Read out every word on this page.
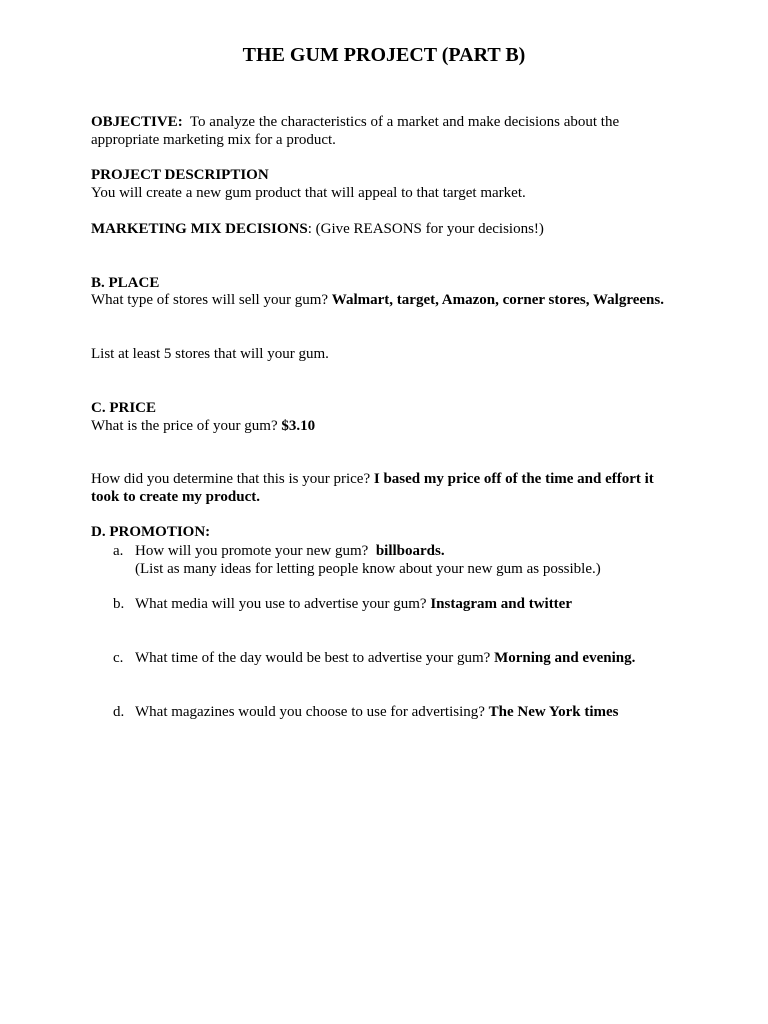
THE GUM PROJECT (PART B)
OBJECTIVE: To analyze the characteristics of a market and make decisions about the appropriate marketing mix for a product.
PROJECT DESCRIPTION
You will create a new gum product that will appeal to that target market.
MARKETING MIX DECISIONS: (Give REASONS for your decisions!)
B. PLACE
What type of stores will sell your gum? Walmart, target, Amazon, corner stores, Walgreens.
List at least 5 stores that will your gum.
C. PRICE
What is the price of your gum? $3.10
How did you determine that this is your price? I based my price off of the time and effort it took to create my product.
D. PROMOTION:
a. How will you promote your new gum? billboards.
(List as many ideas for letting people know about your new gum as possible.)
b. What media will you use to advertise your gum? Instagram and twitter
c. What time of the day would be best to advertise your gum? Morning and evening.
d. What magazines would you choose to use for advertising? The New York times
